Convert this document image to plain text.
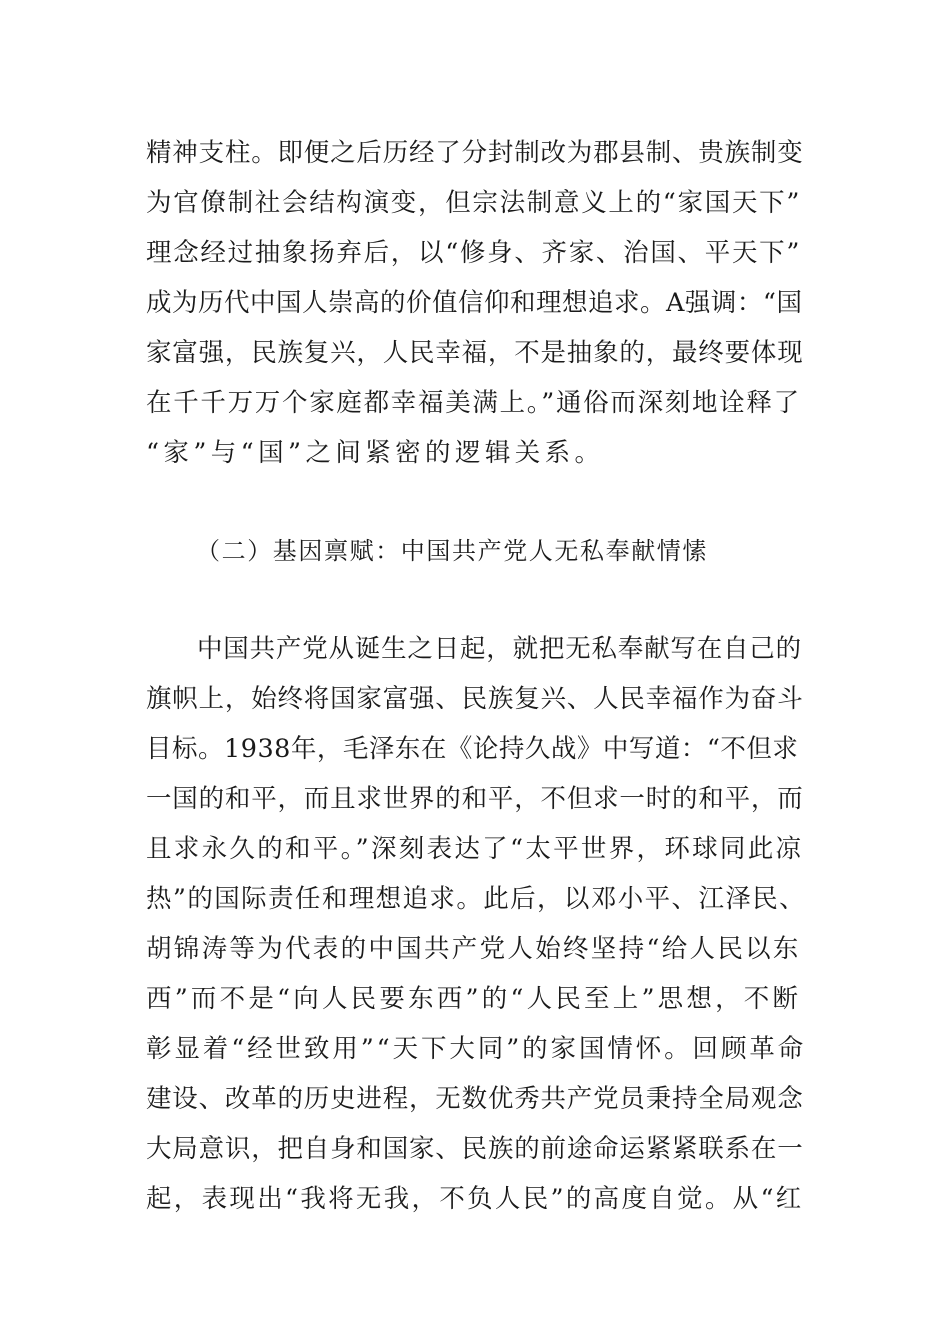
精神支柱。即便之后历经了分封制改为郡县制、贵族制变
为官僚制社会结构演变，但宗法制意义上的“家国天下”
理念经过抽象扬弃后，以“修身、齐家、治国、平天下”
成为历代中国人崇高的价值信仰和理想追求。A强调：“国
家富强，民族复兴，人民幸福，不是抽象的，最终要体现
在千千万万个家庭都幸福美满上。”通俗而深刻地诠释了
“家”与“国”之间紧密的逻辑关系。
（二）基因禀赋：中国共产党人无私奉献情愫
中国共产党从诞生之日起，就把无私奉献写在自己的
旗帜上，始终将国家富强、民族复兴、人民幸福作为奋斗
目标。1938年，毛泽东在《论持久战》中写道：“不但求
一国的和平，而且求世界的和平，不但求一时的和平，而
且求永久的和平。”深刻表达了“太平世界，环球同此凉
热”的国际责任和理想追求。此后，以邓小平、江泽民、
胡锦涛等为代表的中国共产党人始终坚持“给人民以东
西”而不是“向人民要东西”的“人民至上”思想，不断
彰显着“经世致用”“天下大同”的家国情怀。回顾革命
建设、改革的历史进程，无数优秀共产党员秉持全局观念
大局意识，把自身和国家、民族的前途命运紧紧联系在一
起，表现出“我将无我，不负人民”的高度自觉。从“红
